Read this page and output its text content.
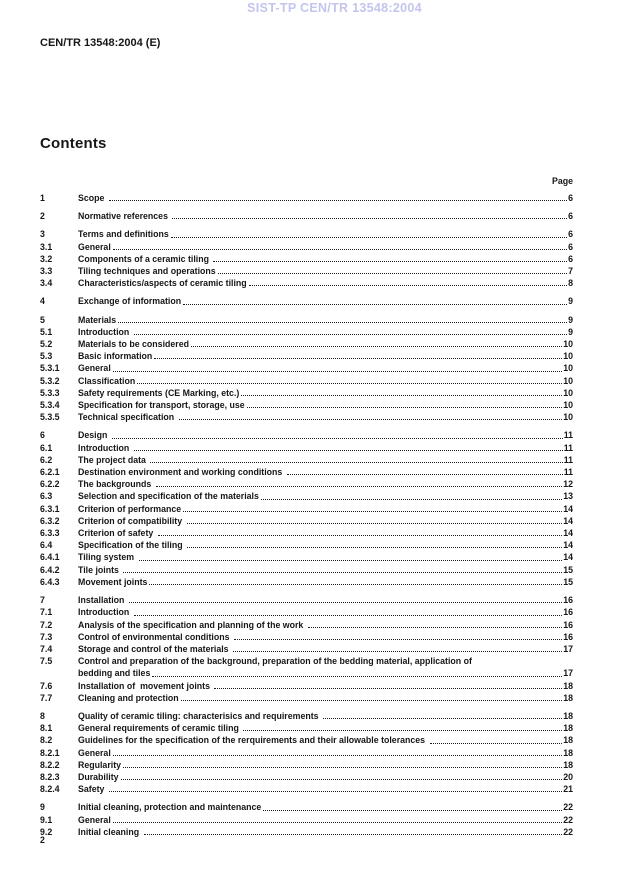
SIST-TP CEN/TR 13548:2004
CEN/TR 13548:2004 (E)
Contents
Page
1	Scope	6
2	Normative references	6
3	Terms and definitions	6
3.1	General	6
3.2	Components of a ceramic tiling	6
3.3	Tiling techniques and operations	7
3.4	Characteristics/aspects of ceramic tiling	8
4	Exchange of information	9
5	Materials	9
5.1	Introduction	9
5.2	Materials to be considered	10
5.3	Basic information	10
5.3.1	General	10
5.3.2	Classification	10
5.3.3	Safety requirements (CE Marking, etc.)	10
5.3.4	Specification for transport, storage, use	10
5.3.5	Technical specification	10
6	Design	11
6.1	Introduction	11
6.2	The project data	11
6.2.1	Destination environment and working conditions	11
6.2.2	The backgrounds	12
6.3	Selection and specification of the materials	13
6.3.1	Criterion of performance	14
6.3.2	Criterion of compatibility	14
6.3.3	Criterion of safety	14
6.4	Specification of the tiling	14
6.4.1	Tiling system	14
6.4.2	Tile joints	15
6.4.3	Movement joints	15
7	Installation	16
7.1	Introduction	16
7.2	Analysis of the specification and planning of the work	16
7.3	Control of environmental conditions	16
7.4	Storage and control of the materials	17
7.5	Control and preparation of the background, preparation of the bedding material, application of
bedding and tiles	17
7.6	Installation of  movement joints	18
7.7	Cleaning and protection	18
8	Quality of ceramic tiling: characterisics and requirements	18
8.1	General requirements of ceramic tiling	18
8.2	Guidelines for the specification of the rerquirements and their allowable tolerances	18
8.2.1	General	18
8.2.2	Regularity	18
8.2.3	Durability	20
8.2.4	Safety	21
9	Initial cleaning, protection and maintenance	22
9.1	General	22
9.2	Initial cleaning	22
2
